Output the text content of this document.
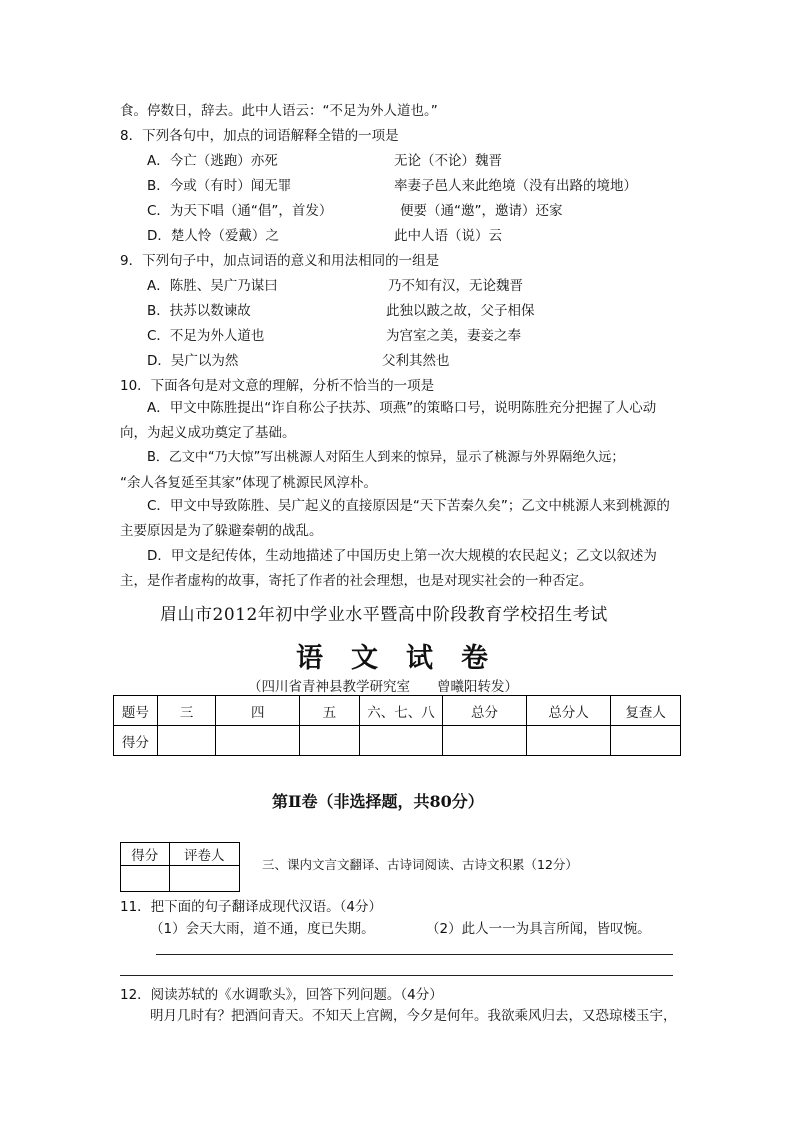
食。停数日，辞去。此中人语云：“不足为外人道也。”
8．下列各句中，加点的词语解释全错的一项是
A．今亡（逃跑）亦死	无论（不论）魏晋
B．今或（有时）闻无罪	率妻子邑人来此绝境（没有出路的境地）
C．为天下唱（通“倡”，首发）	便要（通“邀”，邀请）还家
D．楚人怜（爱戴）之	此中人语（说）云
9．下列句子中，加点词语的意义和用法相同的一组是
A．陈胜、吴广乃谋曰	乃不知有汉，无论魏晋
B．扶苏以数谏故	此独以跛之故，父子相保
C．不足为外人道也	为宫室之美，妻妾之奉
D．吴广以为然	父利其然也
10．下面各句是对文意的理解，分析不恰当的一项是
A．甲文中陈胜提出“诈自称公子扶苏、项燕”的策略口号，说明陈胜充分把握了人心动向，为起义成功奠定了基础。
B．乙文中“乃大惊”写出桃源人对陌生人到来的惊异，显示了桃源与外界隔绝久远；
“余人各复延至其家”体现了桃源民风淳朴。
C．甲文中导致陈胜、吴广起义的直接原因是“天下苦秦久矣”；乙文中桃源人来到桃源的主要原因是为了躲避秦朝的战乱。
D．甲文是纪传体，生动地描述了中国历史上第一次大规模的农民起义；乙文以叙述为主，是作者虚构的故事，寄托了作者的社会理想，也是对现实社会的一种否定。
眉山市2012年初中学业水平暨高中阶段教育学校招生考试
语文试卷
（四川省青神县教学研究室　　曾曦阳转发）
题号	三	四	五	六、七、八	总分	总分人	复查人
得分							
第Ⅱ卷（非选择题，共80分）
得分	评卷人

三、课内文言文翻译、古诗词阅读、古诗文积累（12分）
11．把下面的句子翻译成现代汉语。（4分）
（1）会天大雨，道不通，度已失期。	（2）此人一一为具言所闻，皆叹惋。
12．阅读苏轼的《水调歌头》，回答下列问题。（4分）
明月几时有？把酒问青天。不知天上宫阙，今夕是何年。我欲乘风归去，又恐琼楼玉宇，
